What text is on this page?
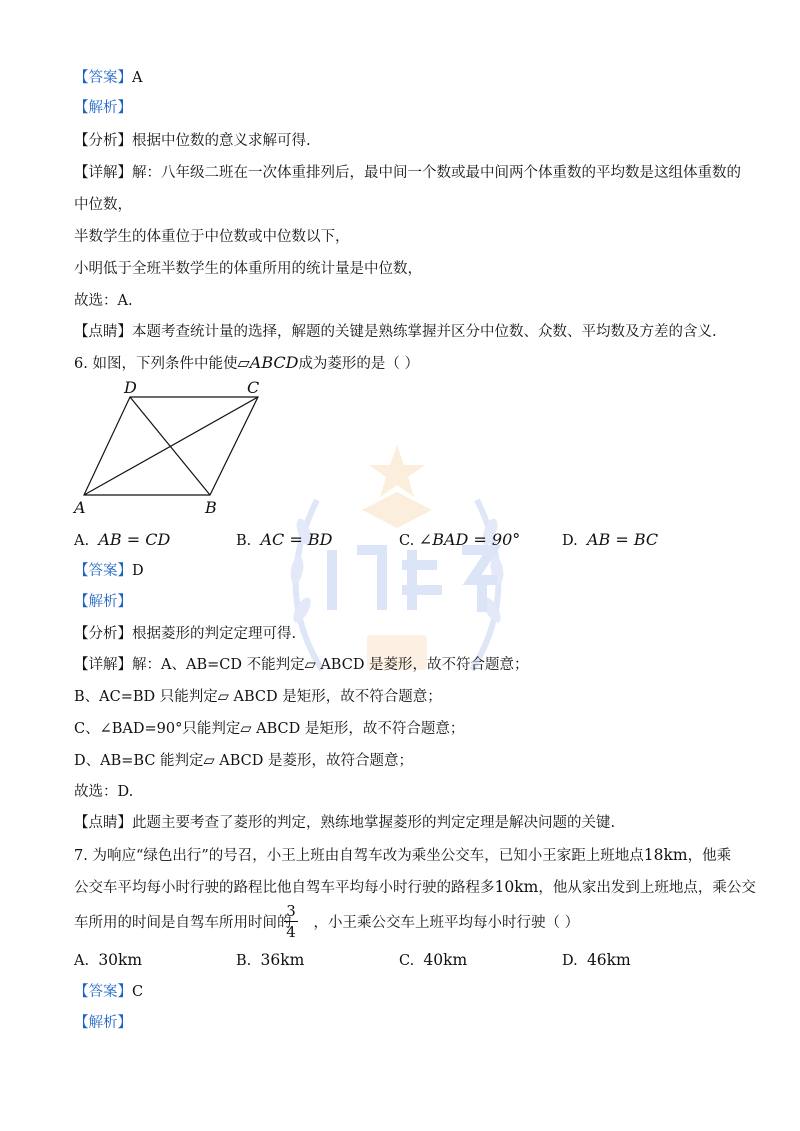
【答案】A
【解析】
【分析】根据中位数的意义求解可得.
【详解】解：八年级二班在一次体重排列后，最中间一个数或最中间两个体重数的平均数是这组体重数的
中位数，
半数学生的体重位于中位数或中位数以下，
小明低于全班半数学生的体重所用的统计量是中位数，
故选：A.
【点睛】本题考查统计量的选择，解题的关键是熟练掌握并区分中位数、众数、平均数及方差的含义.
6. 如图，下列条件中能使▱ABCD成为菱形的是（ ）
D	C
A	B
A. AB = CD	B. AC = BD	C. ∠BAD = 90°	D. AB = BC
【答案】D
【解析】
【分析】根据菱形的判定定理可得.
【详解】解：A、AB=CD 不能判定▱ ABCD 是菱形，故不符合题意；
B、AC=BD 只能判定▱ ABCD 是矩形，故不符合题意；
C、∠BAD=90°只能判定▱ ABCD 是矩形，故不符合题意；
D、AB=BC 能判定▱ ABCD 是菱形，故符合题意；
故选：D.
【点睛】此题主要考查了菱形的判定，熟练地掌握菱形的判定定理是解决问题的关键.
7. 为响应“绿色出行”的号召，小王上班由自驾车改为乘坐公交车，已知小王家距上班地点18km，他乘
公交车平均每小时行驶的路程比他自驾车平均每小时行驶的路程多10km，他从家出发到上班地点，乘公交
车所用的时间是自驾车所用时间的 ，小王乘公交车上班平均每小时行驶（ ）
3
4
A. 30km	B. 36km	C. 40km	D. 46km
【答案】C
【解析】
